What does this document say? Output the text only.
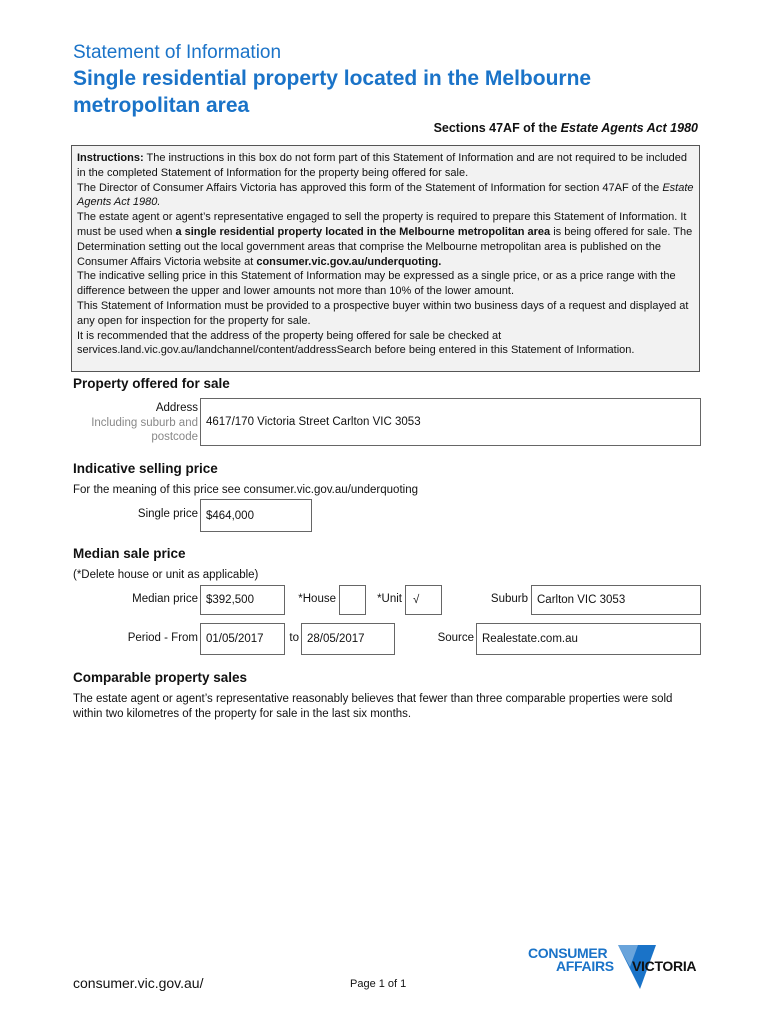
Statement of Information
Single residential property located in the Melbourne metropolitan area
Sections 47AF of the Estate Agents Act 1980

Instructions: The instructions in this box do not form part of this Statement of Information and are not required to be included in the completed Statement of Information for the property being offered for sale.

The Director of Consumer Affairs Victoria has approved this form of the Statement of Information for section 47AF of the Estate Agents Act 1980.

The estate agent or agent’s representative engaged to sell the property is required to prepare this Statement of Information. It must be used when a single residential property located in the Melbourne metropolitan area is being offered for sale. The Determination setting out the local government areas that comprise the Melbourne metropolitan area is published on the Consumer Affairs Victoria website at consumer.vic.gov.au/underquoting.

The indicative selling price in this Statement of Information may be expressed as a single price, or as a price range with the difference between the upper and lower amounts not more than 10% of the lower amount.

This Statement of Information must be provided to a prospective buyer within two business days of a request and displayed at any open for inspection for the property for sale.

It is recommended that the address of the property being offered for sale be checked at services.land.vic.gov.au/landchannel/content/addressSearch before being entered in this Statement of Information.

Property offered for sale
Address
Including suburb and
postcode
4617/170 Victoria Street Carlton VIC 3053
Indicative selling price
For the meaning of this price see consumer.vic.gov.au/underquoting
Single price $464,000
Median sale price
(*Delete house or unit as applicable)
Median price $392,500	*House	*Unit √	Suburb Carlton VIC 3053
Period - From 01/05/2017	to 28/05/2017	Source Realestate.com.au
Comparable property sales
The estate agent or agent’s representative reasonably believes that fewer than three comparable properties were sold within two kilometres of the property for sale in the last six months.
consumer.vic.gov.au/	Page 1 of 1
CONSUMER
AFFAIRS VICTORIA
